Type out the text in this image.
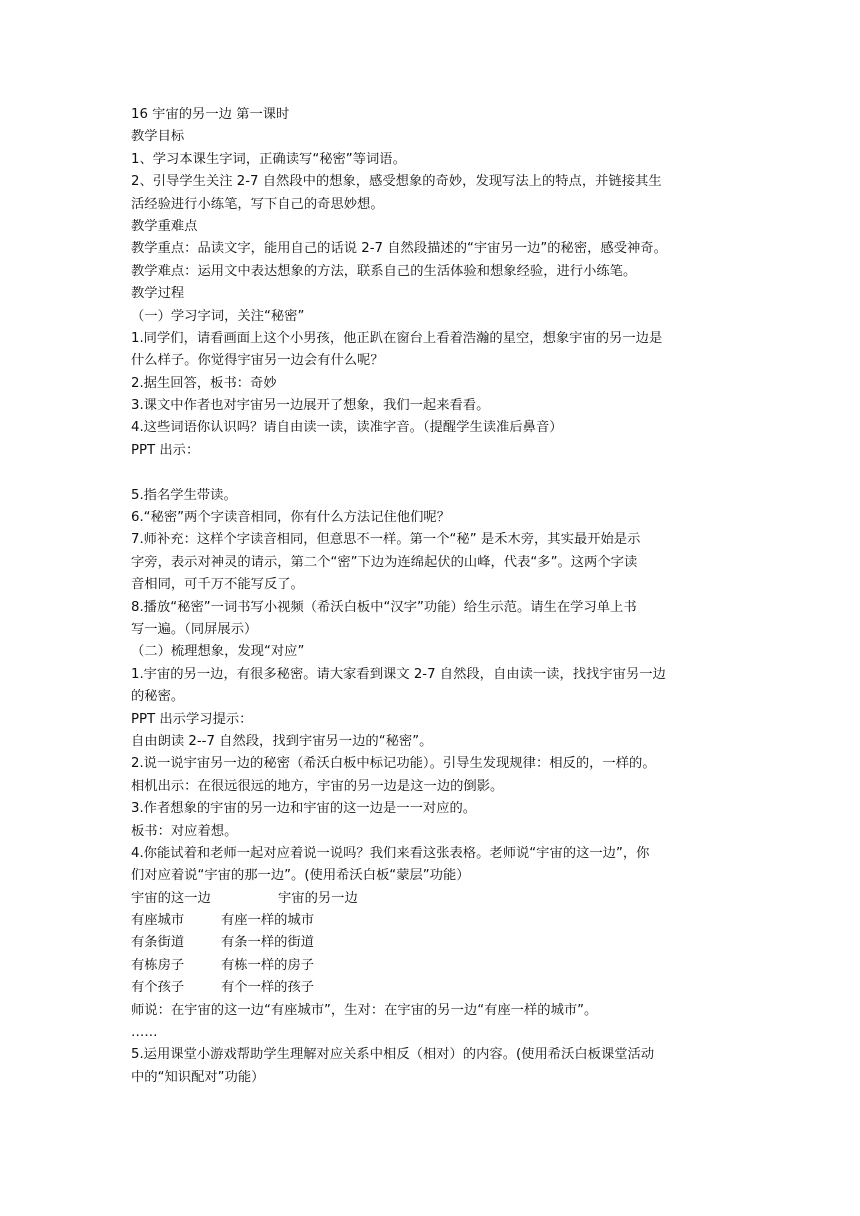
16 宇宙的另一边 第一课时
教学目标
1、学习本课生字词，正确读写“秘密”等词语。
2、引导学生关注 2-7 自然段中的想象，感受想象的奇妙，发现写法上的特点，并链接其生
活经验进行小练笔，写下自己的奇思妙想。
教学重难点
教学重点：品读文字，能用自己的话说 2-7 自然段描述的“宇宙另一边”的秘密，感受神奇。
教学难点：运用文中表达想象的方法，联系自己的生活体验和想象经验，进行小练笔。
教学过程
（一）学习字词，关注“秘密”
1.同学们，请看画面上这个小男孩，他正趴在窗台上看着浩瀚的星空，想象宇宙的另一边是
什么样子。你觉得宇宙另一边会有什么呢？
2.据生回答，板书：奇妙
3.课文中作者也对宇宙另一边展开了想象，我们一起来看看。
4.这些词语你认识吗？请自由读一读，读准字音。（提醒学生读准后鼻音）
PPT 出示：
5.指名学生带读。
6.“秘密”两个字读音相同，你有什么方法记住他们呢？
7.师补充：这样个字读音相同，但意思不一样。第一个“秘” 是禾木旁，其实最开始是示
字旁，表示对神灵的请示，第二个“密”下边为连绵起伏的山峰，代表“多”。这两个字读
音相同，可千万不能写反了。
8.播放“秘密”一词书写小视频（希沃白板中“汉字”功能）给生示范。请生在学习单上书
写一遍。（同屏展示）
（二）梳理想象，发现“对应”
1.宇宙的另一边，有很多秘密。请大家看到课文 2-7 自然段，自由读一读，找找宇宙另一边
的秘密。
PPT 出示学习提示：
自由朗读 2--7 自然段，找到宇宙另一边的“秘密”。
2.说一说宇宙另一边的秘密（希沃白板中标记功能）。引导生发现规律：相反的，一样的。
相机出示：在很远很远的地方，宇宙的另一边是这一边的倒影。
3.作者想象的宇宙的另一边和宇宙的这一边是一一对应的。
板书：对应着想。
4.你能试着和老师一起对应着说一说吗？我们来看这张表格。老师说“宇宙的这一边”，你
们对应着说“宇宙的那一边”。(使用希沃白板“蒙层”功能）
宇宙的这一边	宇宙的另一边
有座城市	有座一样的城市
有条街道	有条一样的街道
有栋房子	有栋一样的房子
有个孩子	有个一样的孩子
师说：在宇宙的这一边“有座城市”，生对：在宇宙的另一边“有座一样的城市”。
……
5.运用课堂小游戏帮助学生理解对应关系中相反（相对）的内容。(使用希沃白板课堂活动
中的“知识配对”功能）
